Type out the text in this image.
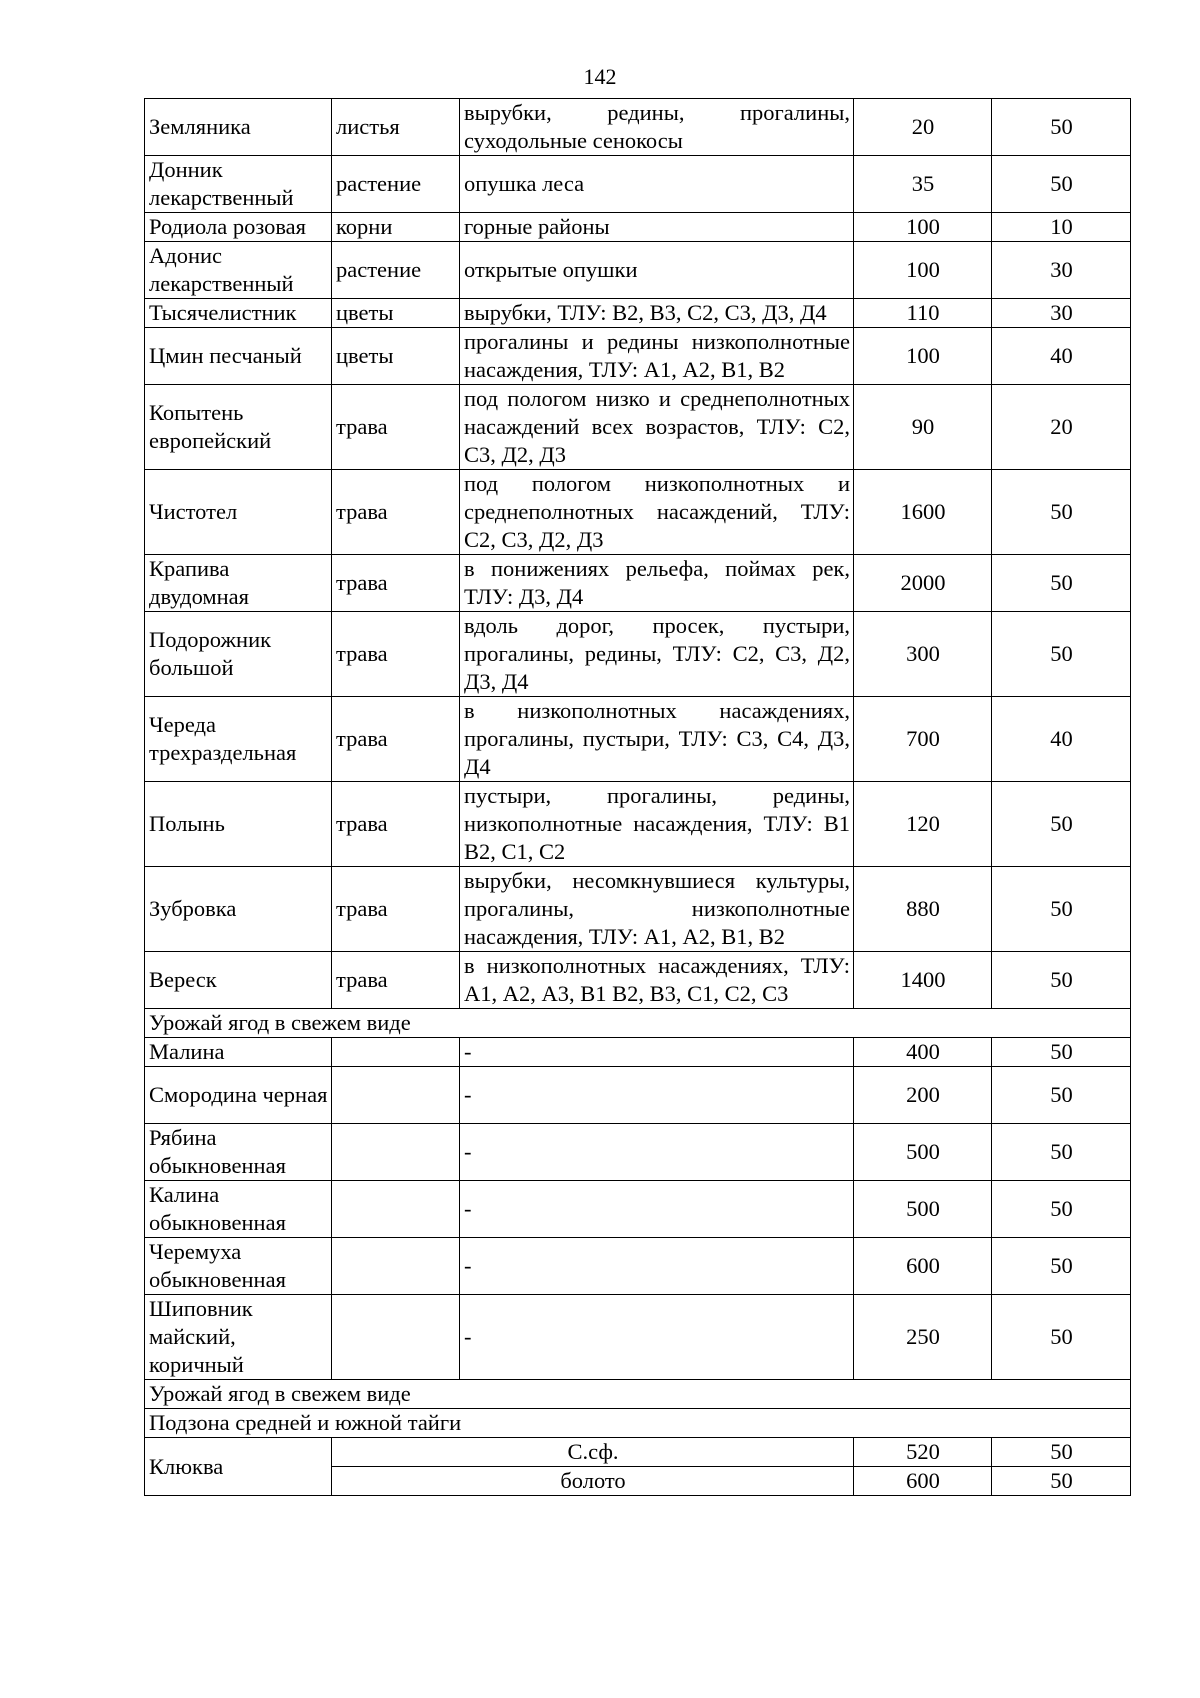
142
Земляника	листья	вырубки, редины, прогалины, суходольные сенокосы	20	50
Донник лекарственный	растение	опушка леса	35	50
Родиола розовая	корни	горные районы	100	10
Адонис лекарственный	растение	открытые опушки	100	30
Тысячелистник	цветы	вырубки, ТЛУ: В2, В3, С2, С3, Д3, Д4	110	30
Цмин песчаный	цветы	прогалины и редины низкополнотные насаждения, ТЛУ: А1, А2, В1, В2	100	40
Копытень европейский	трава	под пологом низко и среднеполнотных насаждений всех возрастов, ТЛУ: С2, С3, Д2, Д3	90	20
Чистотел	трава	под пологом низкополнотных и среднеполнотных насаждений, ТЛУ: С2, С3, Д2, Д3	1600	50
Крапива двудомная	трава	в понижениях рельефа, поймах рек, ТЛУ: Д3, Д4	2000	50
Подорожник большой	трава	вдоль дорог, просек, пустыри, прогалины, редины, ТЛУ: С2, С3, Д2, Д3, Д4	300	50
Череда трехраздельная	трава	в низкополнотных насаждениях, прогалины, пустыри, ТЛУ: С3, С4, Д3, Д4	700	40
Полынь	трава	пустыри, прогалины, редины, низкополнотные насаждения, ТЛУ: В1 В2, С1, С2	120	50
Зубровка	трава	вырубки, несомкнувшиеся культуры, прогалины, низкополнотные насаждения, ТЛУ: А1, А2, В1, В2	880	50
Вереск	трава	в низкополнотных насаждениях, ТЛУ: А1, А2, А3, В1 В2, В3, С1, С2, С3	1400	50
Урожай ягод в свежем виде				
Малина		-	400	50
Смородина черная		-	200	50
Рябина обыкновенная		-	500	50
Калина обыкновенная		-	500	50
Черемуха обыкновенная		-	600	50
Шиповник майский, коричный		-	250	50
Урожай ягод в свежем виде				
Подзона средней и южной тайги				
Клюква	С.сф.		520	50
	болото		600	50
